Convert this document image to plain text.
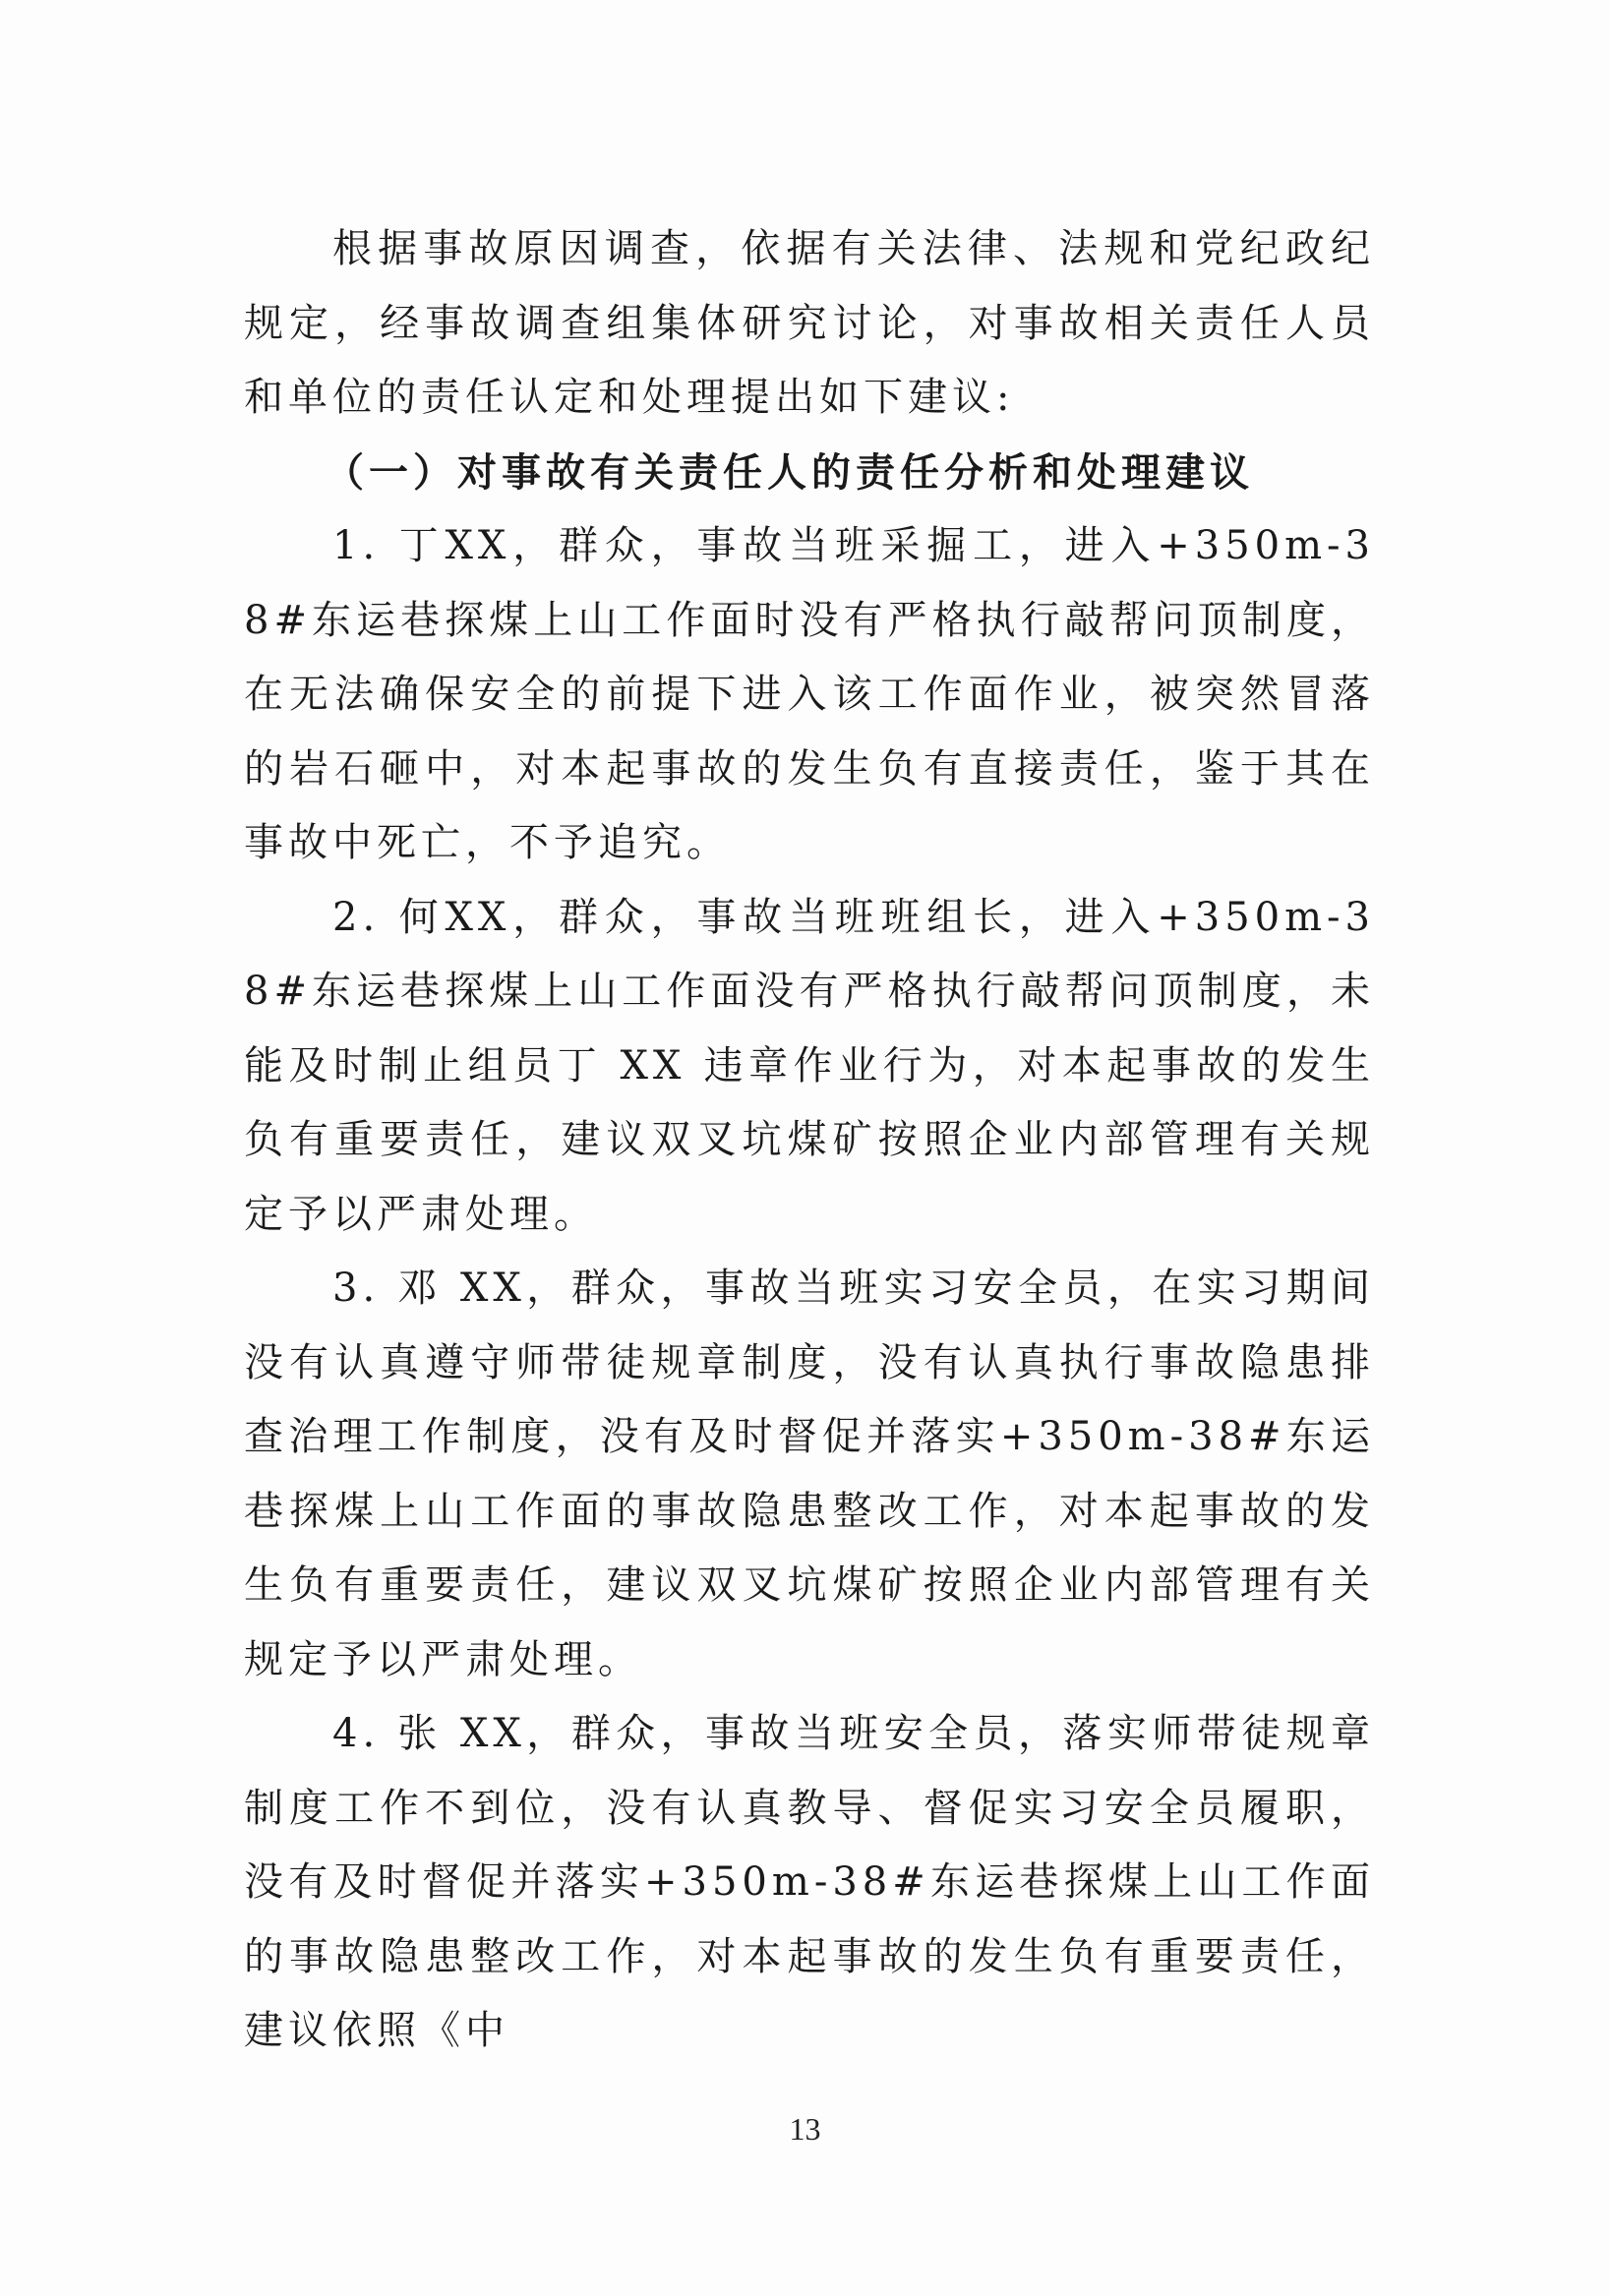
根据事故原因调查，依据有关法律、法规和党纪政纪规定，经事故调查组集体研究讨论，对事故相关责任人员和单位的责任认定和处理提出如下建议:

（一）对事故有关责任人的责任分析和处理建议

1. 丁XX，群众，事故当班采掘工，进入+350m-38#东运巷探煤上山工作面时没有严格执行敲帮问顶制度，在无法确保安全的前提下进入该工作面作业，被突然冒落的岩石砸中，对本起事故的发生负有直接责任，鉴于其在事故中死亡，不予追究。

2. 何XX，群众，事故当班班组长，进入+350m-38#东运巷探煤上山工作面没有严格执行敲帮问顶制度，未能及时制止组员丁 XX 违章作业行为，对本起事故的发生负有重要责任，建议双叉坑煤矿按照企业内部管理有关规定予以严肃处理。

3. 邓 XX，群众，事故当班实习安全员，在实习期间没有认真遵守师带徒规章制度，没有认真执行事故隐患排查治理工作制度，没有及时督促并落实+350m-38#东运巷探煤上山工作面的事故隐患整改工作，对本起事故的发生负有重要责任，建议双叉坑煤矿按照企业内部管理有关规定予以严肃处理。

4. 张 XX，群众，事故当班安全员，落实师带徒规章制度工作不到位，没有认真教导、督促实习安全员履职，没有及时督促并落实+350m-38#东运巷探煤上山工作面的事故隐患整改工作，对本起事故的发生负有重要责任，建议依照《中

13
